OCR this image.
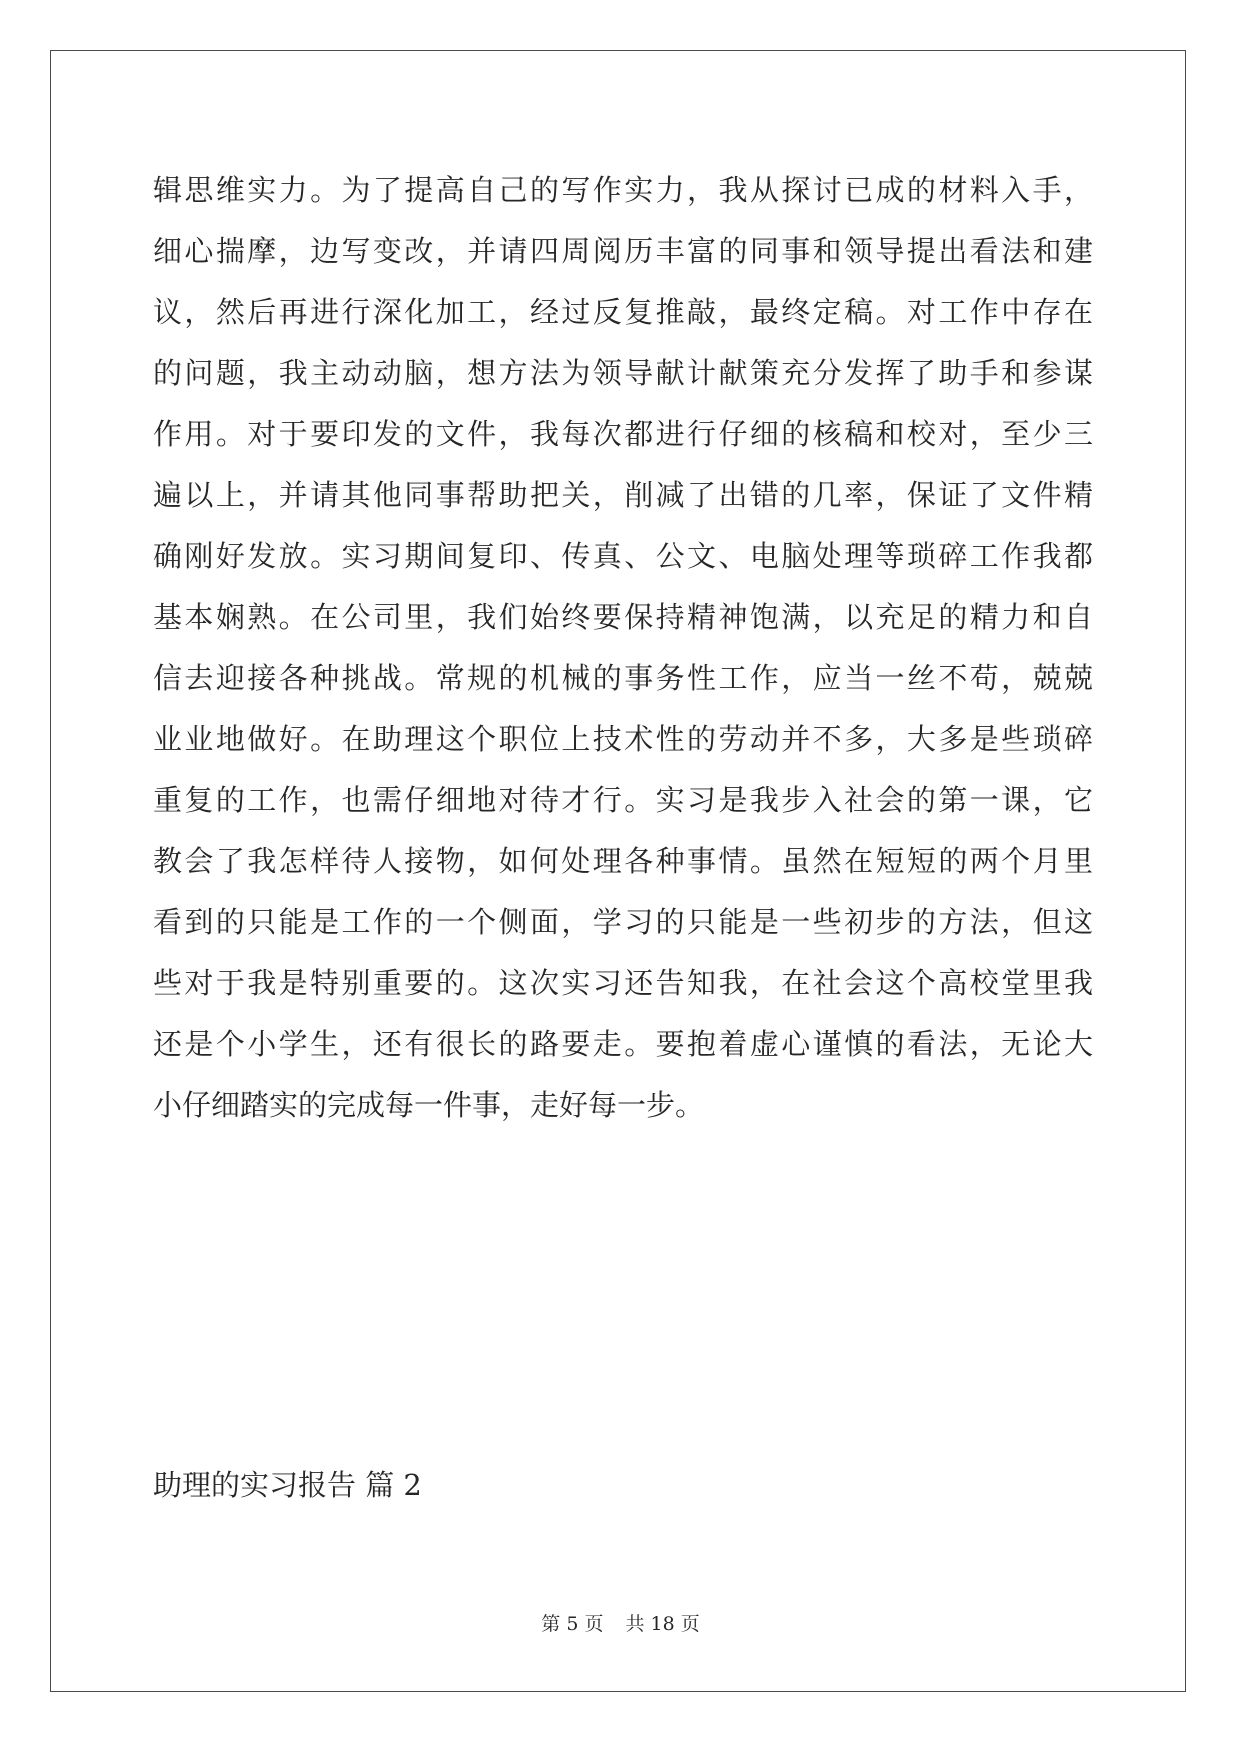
辑思维实力。为了提高自己的写作实力，我从探讨已成的材料入手，
细心揣摩，边写变改，并请四周阅历丰富的同事和领导提出看法和建
议，然后再进行深化加工，经过反复推敲，最终定稿。对工作中存在
的问题，我主动动脑，想方法为领导献计献策充分发挥了助手和参谋
作用。对于要印发的文件，我每次都进行仔细的核稿和校对，至少三
遍以上，并请其他同事帮助把关，削减了出错的几率，保证了文件精
确刚好发放。实习期间复印、传真、公文、电脑处理等琐碎工作我都
基本娴熟。在公司里，我们始终要保持精神饱满，以充足的精力和自
信去迎接各种挑战。常规的机械的事务性工作，应当一丝不苟，兢兢
业业地做好。在助理这个职位上技术性的劳动并不多，大多是些琐碎
重复的工作，也需仔细地对待才行。实习是我步入社会的第一课，它
教会了我怎样待人接物，如何处理各种事情。虽然在短短的两个月里
看到的只能是工作的一个侧面，学习的只能是一些初步的方法，但这
些对于我是特别重要的。这次实习还告知我，在社会这个高校堂里我
还是个小学生，还有很长的路要走。要抱着虚心谨慎的看法，无论大
小仔细踏实的完成每一件事，走好每一步。
助理的实习报告 篇 2
第 5 页 共 18 页
